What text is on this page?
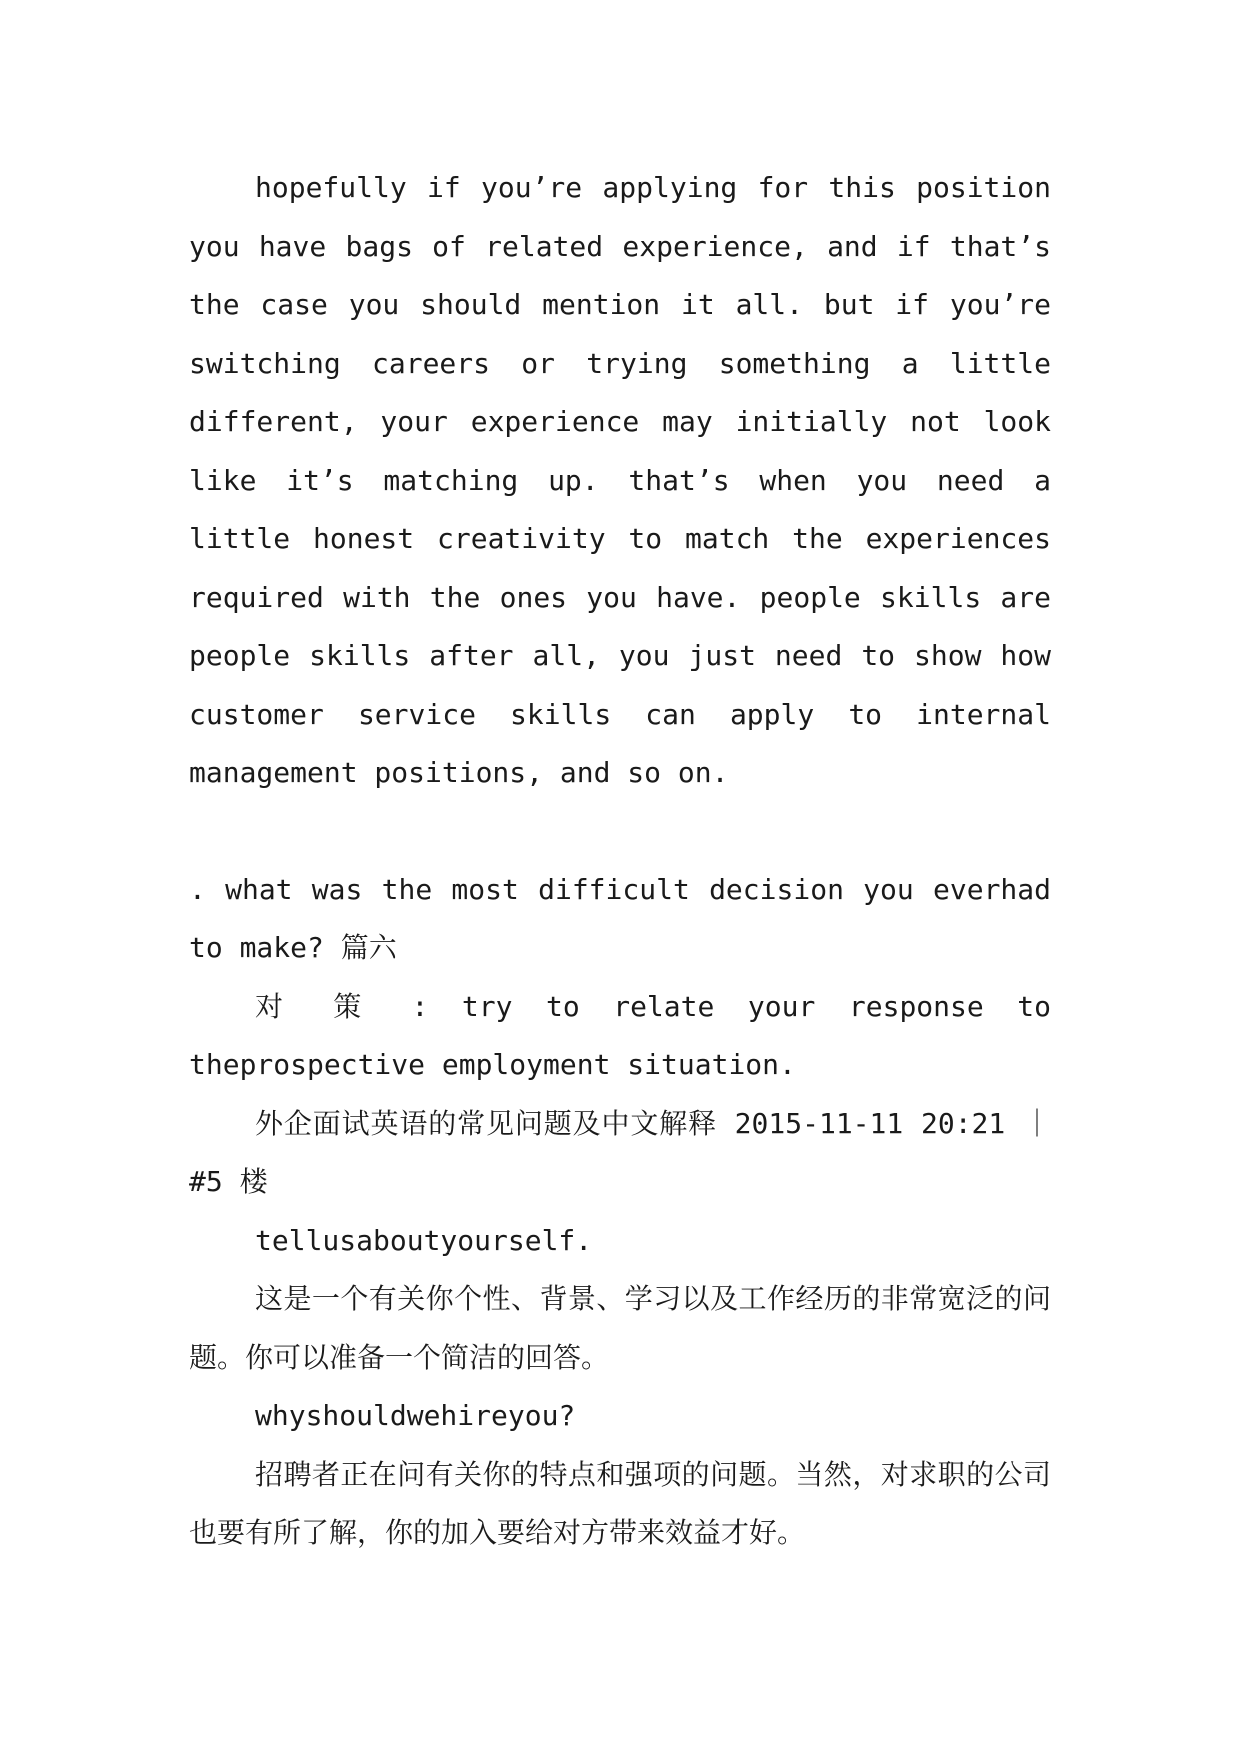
hopefully if you’re applying for this position you have bags of related experience, and if that’s the case you should mention it all. but if you’re switching careers or trying something a little different, your experience may initially not look like it’s matching up. that’s when you need a little honest creativity to match the experiences required with the ones you have. people skills are people skills after all, you just need to show how customer service skills can apply to internal management positions, and so on.

. what was the most difficult decision you everhad to make? 篇六

对 策 : try to relate your response to theprospective employment situation.

外企面试英语的常见问题及中文解释 2015-11-11 20:21 ｜ #5 楼

tellusaboutyourself.

这是一个有关你个性、背景、学习以及工作经历的非常宽泛的问题。你可以准备一个简洁的回答。

whyshouldwehireyou?

招聘者正在问有关你的特点和强项的问题。当然，对求职的公司也要有所了解，你的加入要给对方带来效益才好。
